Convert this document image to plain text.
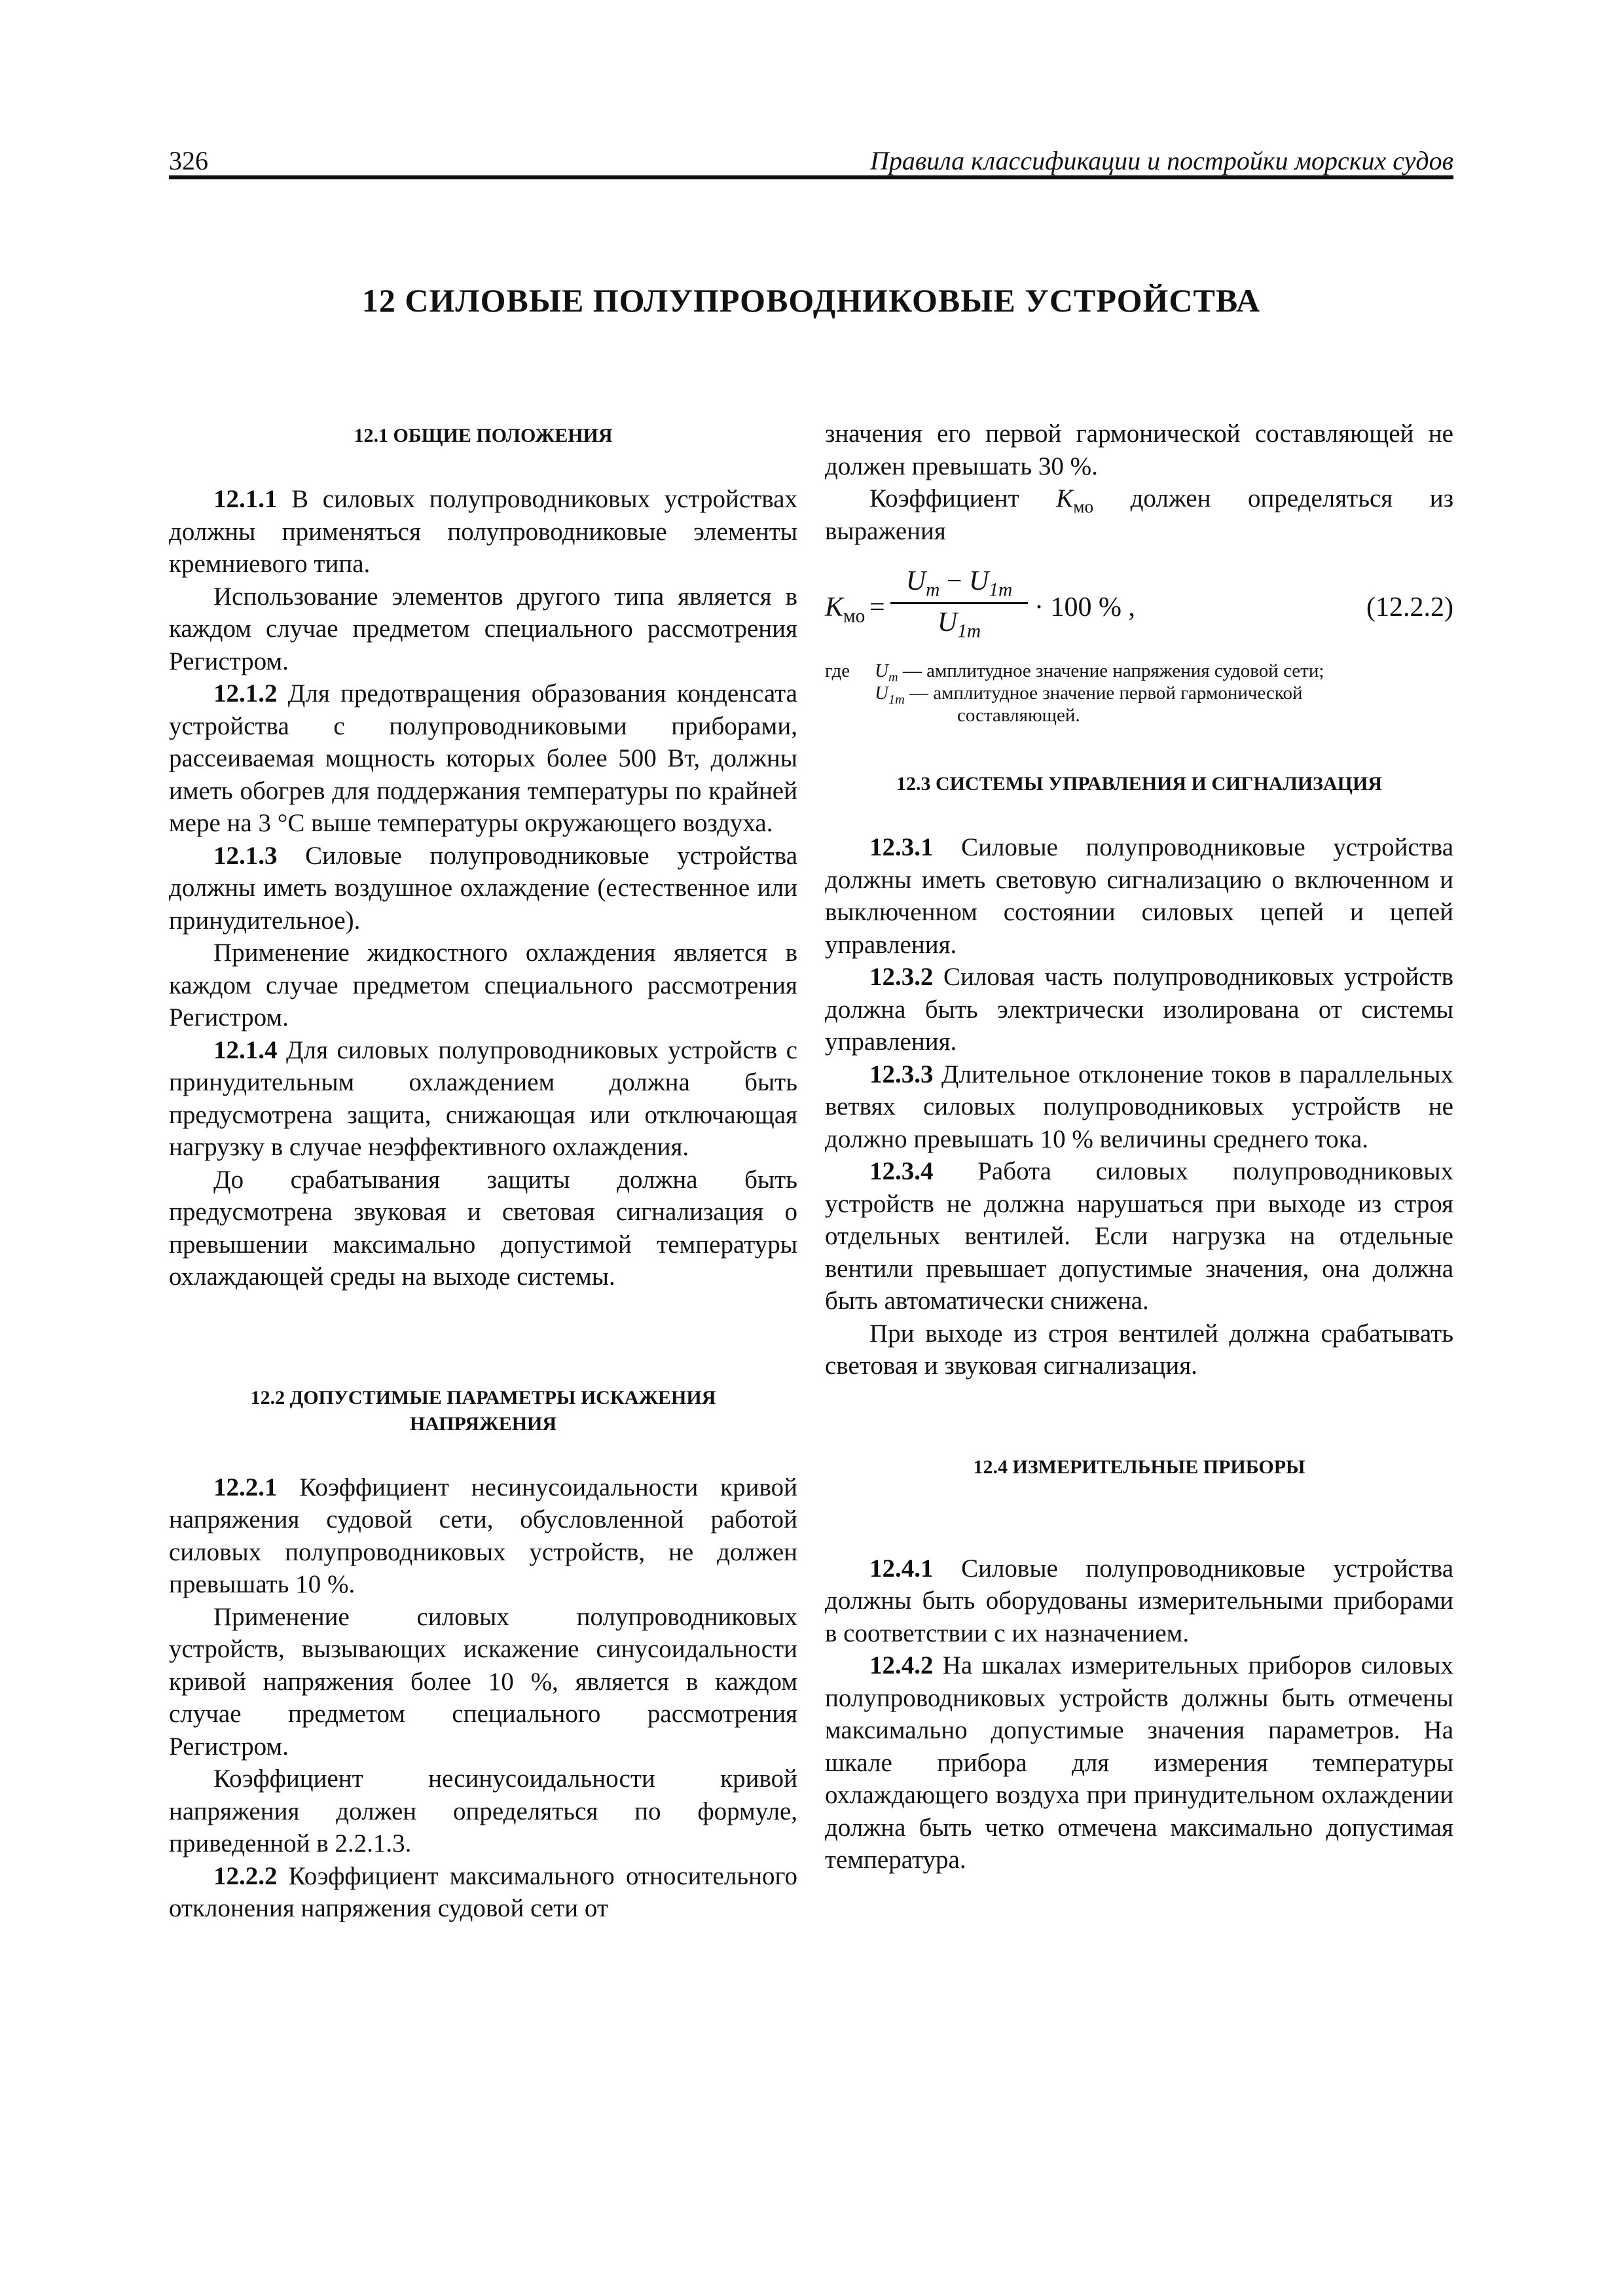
326	Правила классификации и постройки морских судов
12 СИЛОВЫЕ ПОЛУПРОВОДНИКОВЫЕ УСТРОЙСТВА
12.1 ОБЩИЕ ПОЛОЖЕНИЯ

12.1.1 В силовых полупроводниковых устройствах должны применяться полупроводниковые элементы кремниевого типа.

Использование элементов другого типа является в каждом случае предметом специального рассмотрения Регистром.

12.1.2 Для предотвращения образования конденсата устройства с полупроводниковыми приборами, рассеиваемая мощность которых более 500 Вт, должны иметь обогрев для поддержания температуры по крайней мере на 3 °С выше температуры окружающего воздуха.

12.1.3 Силовые полупроводниковые устройства должны иметь воздушное охлаждение (естественное или принудительное).

Применение жидкостного охлаждения является в каждом случае предметом специального рассмотрения Регистром.

12.1.4 Для силовых полупроводниковых устройств с принудительным охлаждением должна быть предусмотрена защита, снижающая или отключающая нагрузку в случае неэффективного охлаждения.

До срабатывания защиты должна быть предусмотрена звуковая и световая сигнализация о превышении максимально допустимой температуры охлаждающей среды на выходе системы.

12.2 ДОПУСТИМЫЕ ПАРАМЕТРЫ ИСКАЖЕНИЯ
НАПРЯЖЕНИЯ

12.2.1 Коэффициент несинусоидальности кривой напряжения судовой сети, обусловленной работой силовых полупроводниковых устройств, не должен превышать 10 %.

Применение силовых полупроводниковых устройств, вызывающих искажение синусоидальности кривой напряжения более 10 %, является в каждом случае предметом специального рассмотрения Регистром.

Коэффициент несинусоидальности кривой напряжения должен определяться по формуле, приведенной в 2.2.1.3.

12.2.2 Коэффициент максимального относительного отклонения напряжения судовой сети от

значения его первой гармонической составляющей не должен превышать 30 %.

Коэффициент $K_{мо}$ должен определяться из выражения

$K_{мо}$ =
$U_m - U_{1m}$
$U_{1m}$
· 100 % ,	(12.2.2)
где $U_m$ — амплитудное значение напряжения судовой сети;
$U_{1m}$ — амплитудное значение первой гармонической
составляющей.
12.3 СИСТЕМЫ УПРАВЛЕНИЯ И СИГНАЛИЗАЦИЯ

12.3.1 Силовые полупроводниковые устройства должны иметь световую сигнализацию о включенном и выключенном состоянии силовых цепей и цепей управления.

12.3.2 Силовая часть полупроводниковых устройств должна быть электрически изолирована от системы управления.

12.3.3 Длительное отклонение токов в параллельных ветвях силовых полупроводниковых устройств не должно превышать 10 % величины среднего тока.

12.3.4 Работа силовых полупроводниковых устройств не должна нарушаться при выходе из строя отдельных вентилей. Если нагрузка на отдельные вентили превышает допустимые значения, она должна быть автоматически снижена.

При выходе из строя вентилей должна срабатывать световая и звуковая сигнализация.

12.4 ИЗМЕРИТЕЛЬНЫЕ ПРИБОРЫ

12.4.1 Силовые полупроводниковые устройства должны быть оборудованы измерительными приборами в соответствии с их назначением.

12.4.2 На шкалах измерительных приборов силовых полупроводниковых устройств должны быть отмечены максимально допустимые значения параметров. На шкале прибора для измерения температуры охлаждающего воздуха при принудительном охлаждении должна быть четко отмечена максимально допустимая температура.
